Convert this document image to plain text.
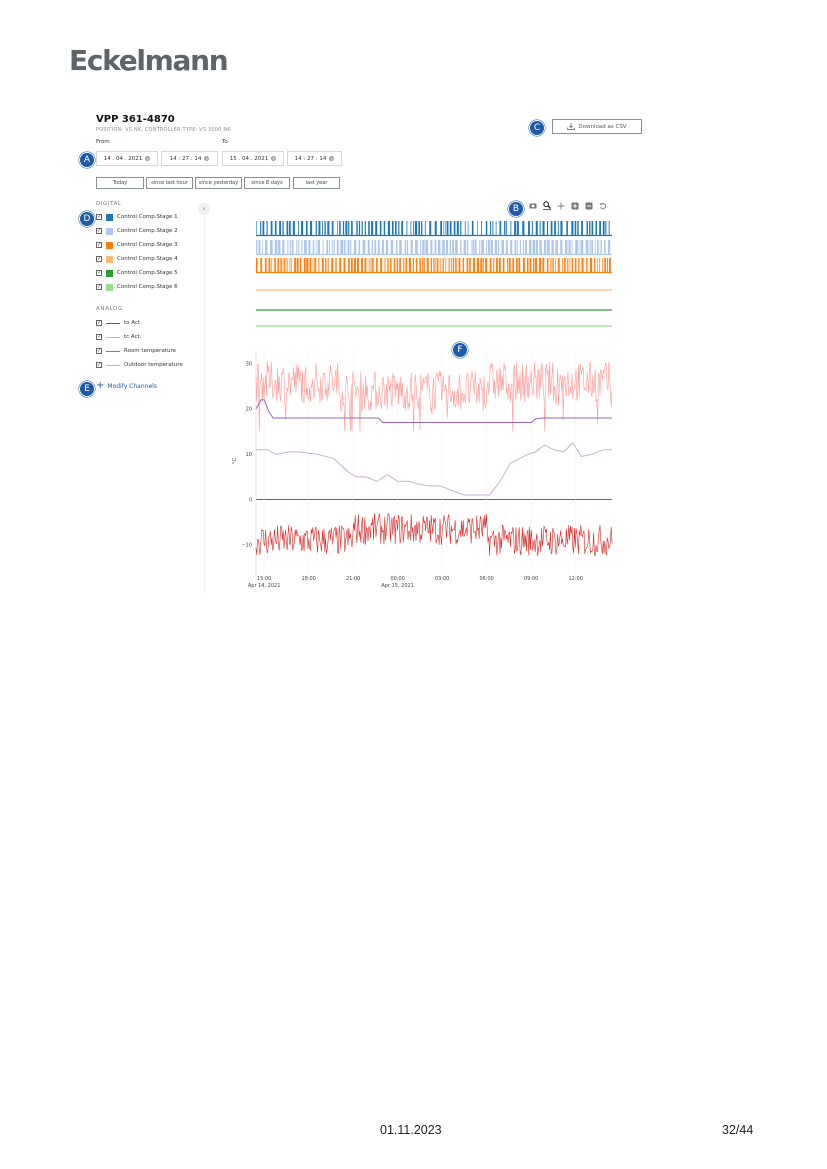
Eckelmann
VPP 361-4870
POSITION: VS NK, CONTROLLER TYPE: VS 3000 NK
From	To
A	14 . 04 . 2021 ×	14 : 27 : 14 ×	15 . 04 . 2021 ×	14 : 27 : 14 ×
Today	since last hour	since yesterday	since 8 days	last year
C	Download as CSV
DIGITAL
‹
D	✓	Control Comp.Stage 1
✓	Control Comp.Stage 2
✓	Control Comp.Stage 3
✓	Control Comp.Stage 4
✓	Control Comp.Stage 5
✓	Control Comp.Stage 6
ANALOG
✓	to Act.
✓	tc Act.
✓	Room temperature
✓	Outdoor temperature
E + Modify Channels
B
30
20
10
0
−10
°C
15:00
Apr 14, 2021
18:00	21:00	00:00
Apr 15, 2021
03:00	06:00	09:00	12:00
F
01.11.2023	32/44
